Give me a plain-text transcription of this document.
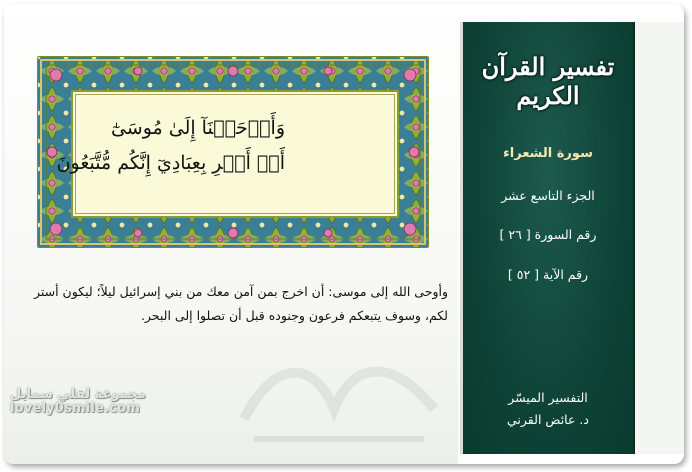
وَأَوۡحَيۡنَآ إِلَىٰ مُوسَىٰٓ
أَنۡ أَسۡرِ بِعِبَادِيٓ إِنَّكُم مُّتَّبَعُونَ
وأوحى الله إلى موسى: أن اخرج بمن آمن معك من بني إسرائيل ليلاً؛ ليكون أستر لكم، وسوف يتبعكم فرعون وجنوده قبل أن تصلوا إلى البحر.
مجموعة لفلي سمايل
lovely0smile.com
تفسير القرآن الكريم
سورة الشعراء
الجزء التاسع عشر
رقم السورة [ ٢٦ ]
رقم الآية [ ٥٢ ]
التفسير الميسّر
د. عائض القرني
